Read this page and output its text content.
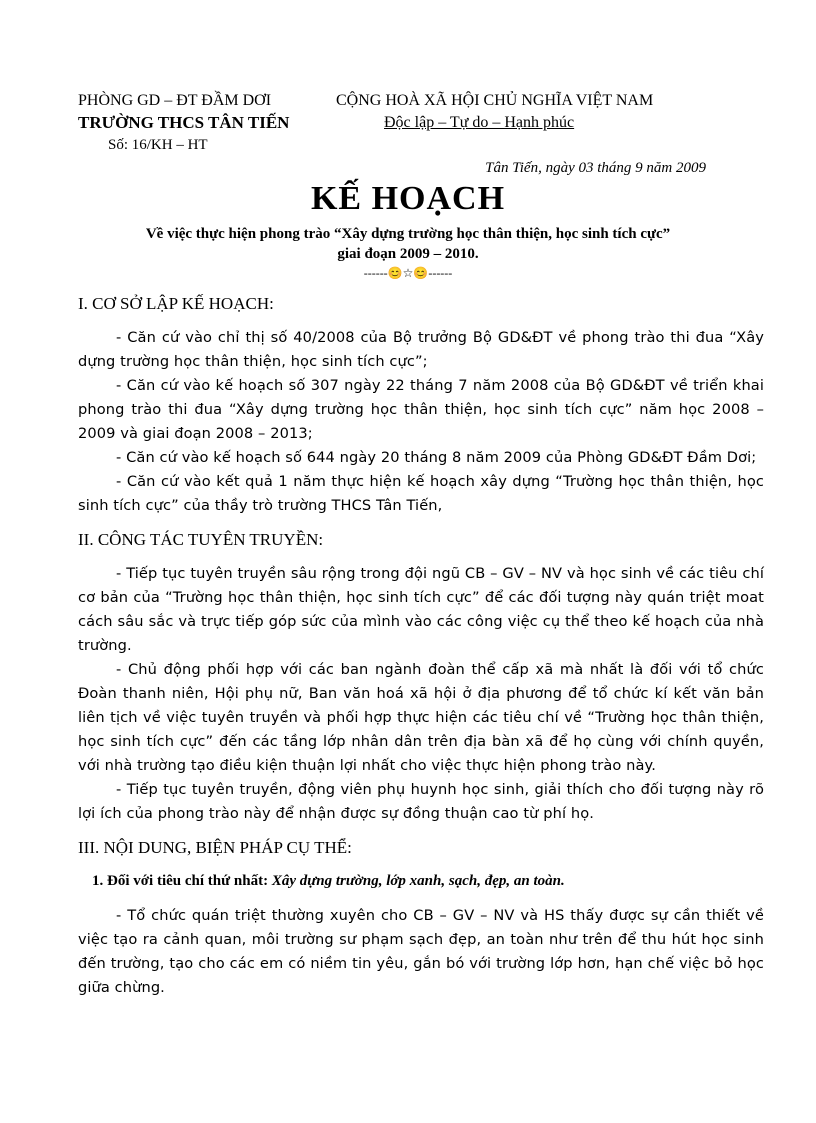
PHÒNG GD – ĐT ĐẦM DƠI
TRƯỜNG THCS TÂN TIẾN
Số: 16/KH – HT
CỘNG HOÀ XÃ HỘI CHỦ NGHĨA VIỆT NAM
Độc lập – Tự do – Hạnh phúc
Tân Tiến, ngày 03 tháng 9 năm 2009
KẾ HOẠCH
Về việc thực hiện phong trào “Xây dựng trường học thân thiện, học sinh tích cực”
giai đoạn 2009 – 2010.
------😊☆😊------
I. CƠ SỞ LẬP KẾ HOẠCH:

- Căn cứ vào chỉ thị số 40/2008 của Bộ trưởng Bộ GD&ĐT về phong trào thi đua “Xây dựng trường học thân thiện, học sinh tích cực”;

- Căn cứ vào kế hoạch số 307 ngày 22 tháng 7 năm 2008 của Bộ GD&ĐT về triển khai phong trào thi đua “Xây dựng trường học thân thiện, học sinh tích cực” năm học 2008 – 2009 và giai đoạn 2008 – 2013;

- Căn cứ vào kế hoạch số 644 ngày 20 tháng 8 năm 2009 của Phòng GD&ĐT Đầm Dơi;

- Căn cứ vào kết quả 1 năm thực hiện kế hoạch xây dựng “Trường học thân thiện, học sinh tích cực” của thầy trò trường THCS Tân Tiến,

II. CÔNG TÁC TUYÊN TRUYỀN:

- Tiếp tục tuyên truyền sâu rộng trong đội ngũ CB – GV – NV và học sinh về các tiêu chí cơ bản của “Trường học thân thiện, học sinh tích cực” để các đối tượng này quán triệt moat cách sâu sắc và trực tiếp góp sức của mình vào các công việc cụ thể theo kế hoạch của nhà trường.

- Chủ động phối hợp với các ban ngành đoàn thể cấp xã mà nhất là đối với tổ chức Đoàn thanh niên, Hội phụ nữ, Ban văn hoá xã hội ở địa phương để tổ chức kí kết văn bản liên tịch về việc tuyên truyền và phối hợp thực hiện các tiêu chí về “Trường học thân thiện, học sinh tích cực” đến các tầng lớp nhân dân trên địa bàn xã để họ cùng với chính quyền, với nhà trường tạo điều kiện thuận lợi nhất cho việc thực hiện phong trào này.

- Tiếp tục tuyên truyền, động viên phụ huynh học sinh, giải thích cho đối tượng này rõ lợi ích của phong trào này để nhận được sự đồng thuận cao từ phí họ.

III. NỘI DUNG, BIỆN PHÁP CỤ THỂ:
1. Đối với tiêu chí thứ nhất: Xây dựng trường, lớp xanh, sạch, đẹp, an toàn.

- Tổ chức quán triệt thường xuyên cho CB – GV – NV và HS thấy được sự cần thiết về việc tạo ra cảnh quan, môi trường sư phạm sạch đẹp, an toàn như trên để thu hút học sinh đến trường, tạo cho các em có niềm tin yêu, gắn bó với trường lớp hơn, hạn chế việc bỏ học giữa chừng.
